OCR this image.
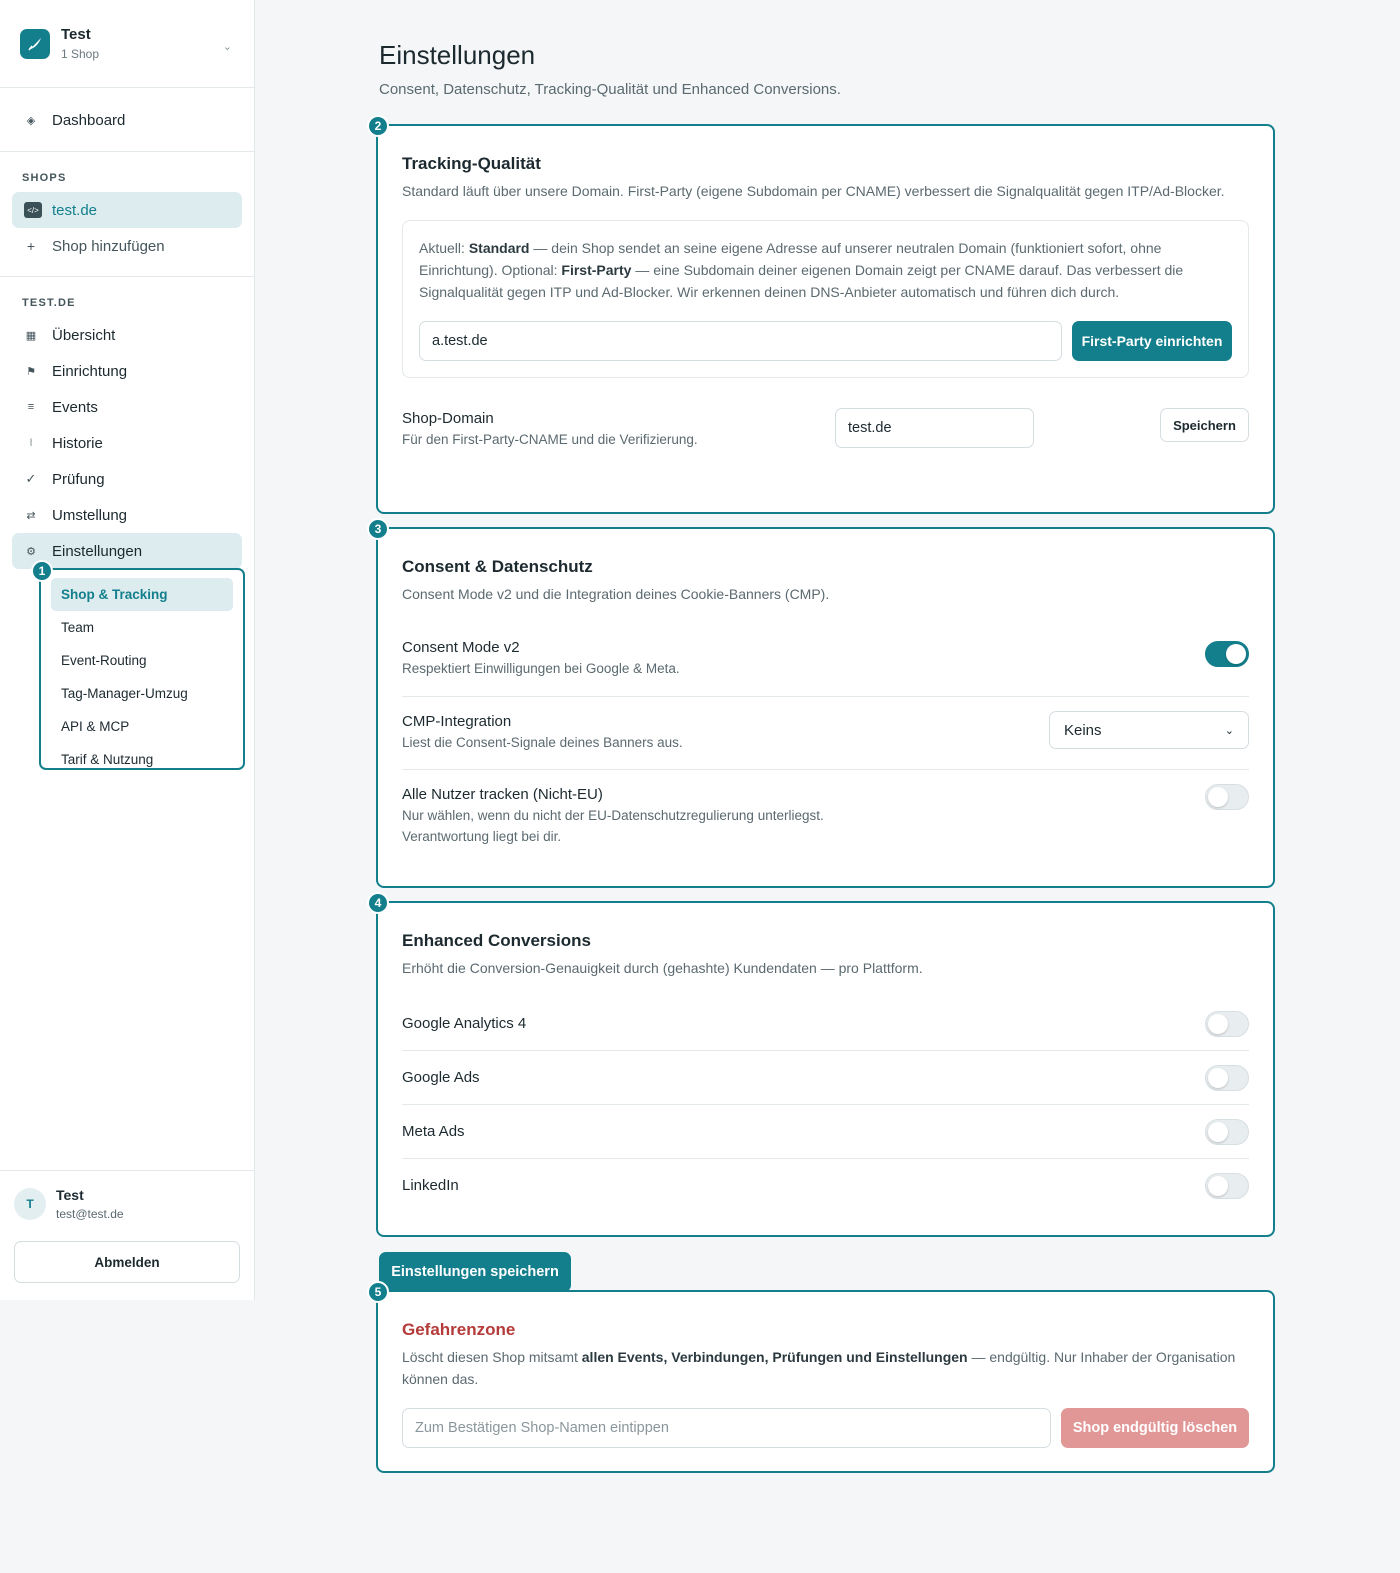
Test
1 Shop	⌄
◈ Dashboard
SHOPS
</> test.de
+ Shop hinzufügen
TEST.DE
▦ Übersicht
⚑ Einrichtung
≡ Events
⧙	Historie
✓ Prüfung
⇄ Umstellung
⚙ Einstellungen
Shop & Tracking
Team
Event-Routing
Tag-Manager-Umzug
API & MCP
Tarif & Nutzung
1
T
Test
test@test.de
Abmelden
Einstellungen

Consent, Datenschutz, Tracking-Qualität und Enhanced Conversions.

Tracking-Qualität
Standard läuft über unsere Domain. First-Party (eigene Subdomain per CNAME) verbessert die Signalqualität gegen ITP/Ad-Blocker.

Aktuell: Standard — dein Shop sendet an seine eigene Adresse auf unserer neutralen Domain (funktioniert sofort, ohne Einrichtung). Optional: First-Party — eine Subdomain deiner eigenen Domain zeigt per CNAME darauf. Das verbessert die Signalqualität gegen ITP und Ad-Blocker. Wir erkennen deinen DNS-Anbieter automatisch und führen dich durch.

a.test.de	First-Party einrichten
Shop-Domain
Für den First-Party-CNAME und die Verifizierung.
test.de	Speichern
2
Consent & Datenschutz
Consent Mode v2 und die Integration deines Cookie-Banners (CMP).
Consent Mode v2
Respektiert Einwilligungen bei Google & Meta.
CMP-Integration
Liest die Consent-Signale deines Banners aus.
Keins	⌄
Alle Nutzer tracken (Nicht-EU)
Nur wählen, wenn du nicht der EU-Datenschutzregulierung unterliegst. Verantwortung liegt bei dir.
3
Enhanced Conversions
Erhöht die Conversion-Genauigkeit durch (gehashte) Kundendaten — pro Plattform.
Google Analytics 4
Google Ads
Meta Ads
LinkedIn
4
Einstellungen speichern
Gefahrenzone

Löscht diesen Shop mitsamt allen Events, Verbindungen, Prüfungen und Einstellungen — endgültig. Nur Inhaber der Organisation können das.

Zum Bestätigen Shop-Namen eintippen	Shop endgültig löschen
5
